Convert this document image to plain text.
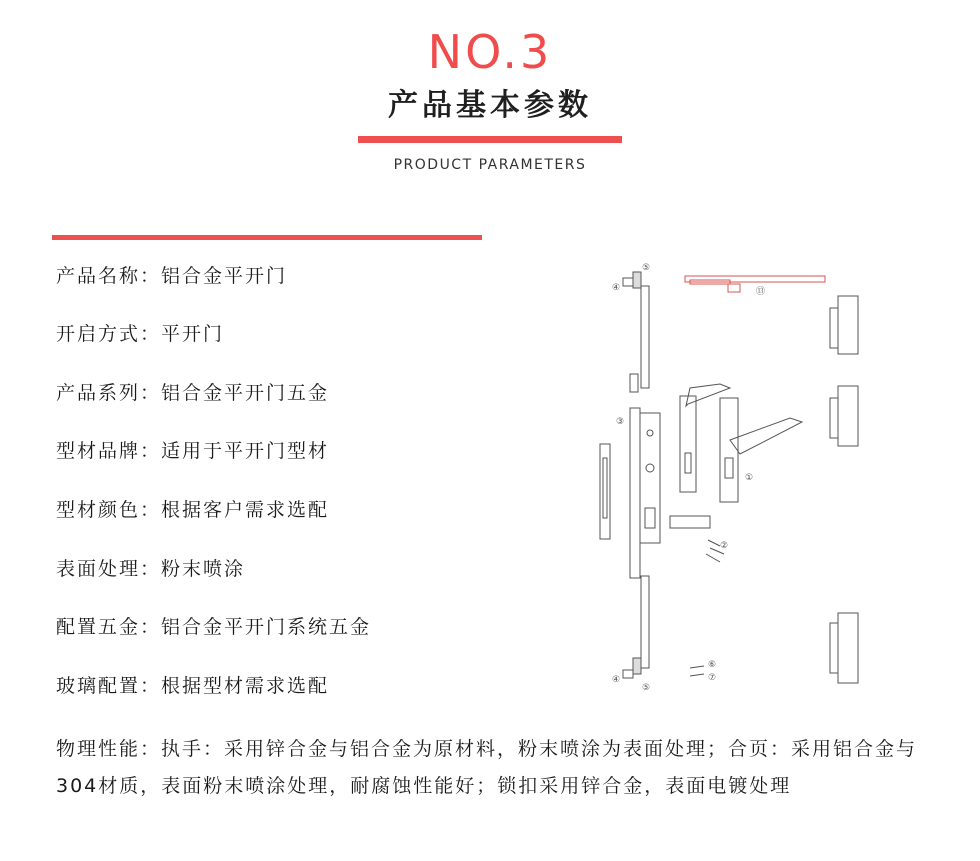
NO.3
产品基本参数
PRODUCT PARAMETERS
产品名称：铝合金平开门
开启方式：平开门
产品系列：铝合金平开门五金
型材品牌：适用于平开门型材
型材颜色：根据客户需求选配
表面处理：粉末喷涂
配置五金：铝合金平开门系统五金
玻璃配置：根据型材需求选配
物理性能：执手：采用锌合金与铝合金为原材料，粉末喷涂为表面处理；合页：采用铝合金与304材质，表面粉末喷涂处理，耐腐蚀性能好；锁扣采用锌合金，表面电镀处理
⑤
④	⑬
③
①
②
⑥
⑦
④
⑤
